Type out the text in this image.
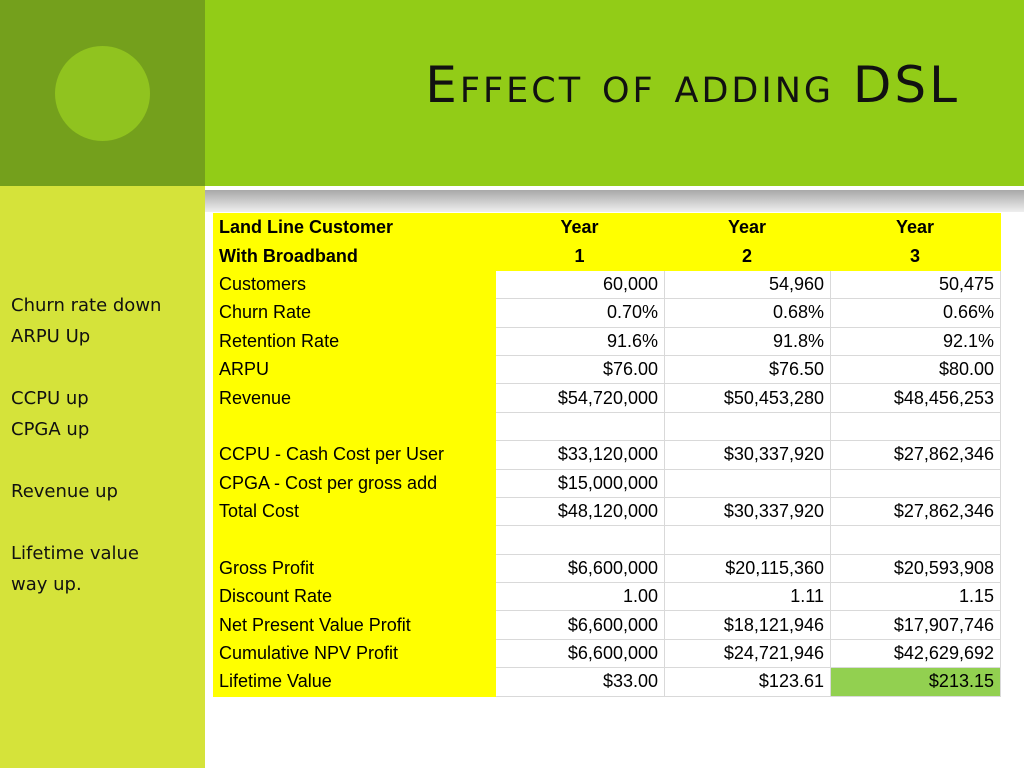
Effect of adding DSL
Churn rate down
ARPU Up
CCPU up
CPGA up
Revenue up
Lifetime value
way up.
Land Line Customer	Year	Year	Year
With Broadband	1	2	3
Customers	60,000	54,960	50,475
Churn Rate	0.70%	0.68%	0.66%
Retention Rate	91.6%	91.8%	92.1%
ARPU	$76.00	$76.50	$80.00
Revenue	$54,720,000	$50,453,280	$48,456,253

CCPU - Cash Cost per User	$33,120,000	$30,337,920	$27,862,346
CPGA - Cost per gross add	$15,000,000		
Total Cost	$48,120,000	$30,337,920	$27,862,346

Gross Profit	$6,600,000	$20,115,360	$20,593,908
Discount Rate	1.00	1.11	1.15
Net Present Value Profit	$6,600,000	$18,121,946	$17,907,746
Cumulative NPV Profit	$6,600,000	$24,721,946	$42,629,692
Lifetime Value	$33.00	$123.61	$213.15
